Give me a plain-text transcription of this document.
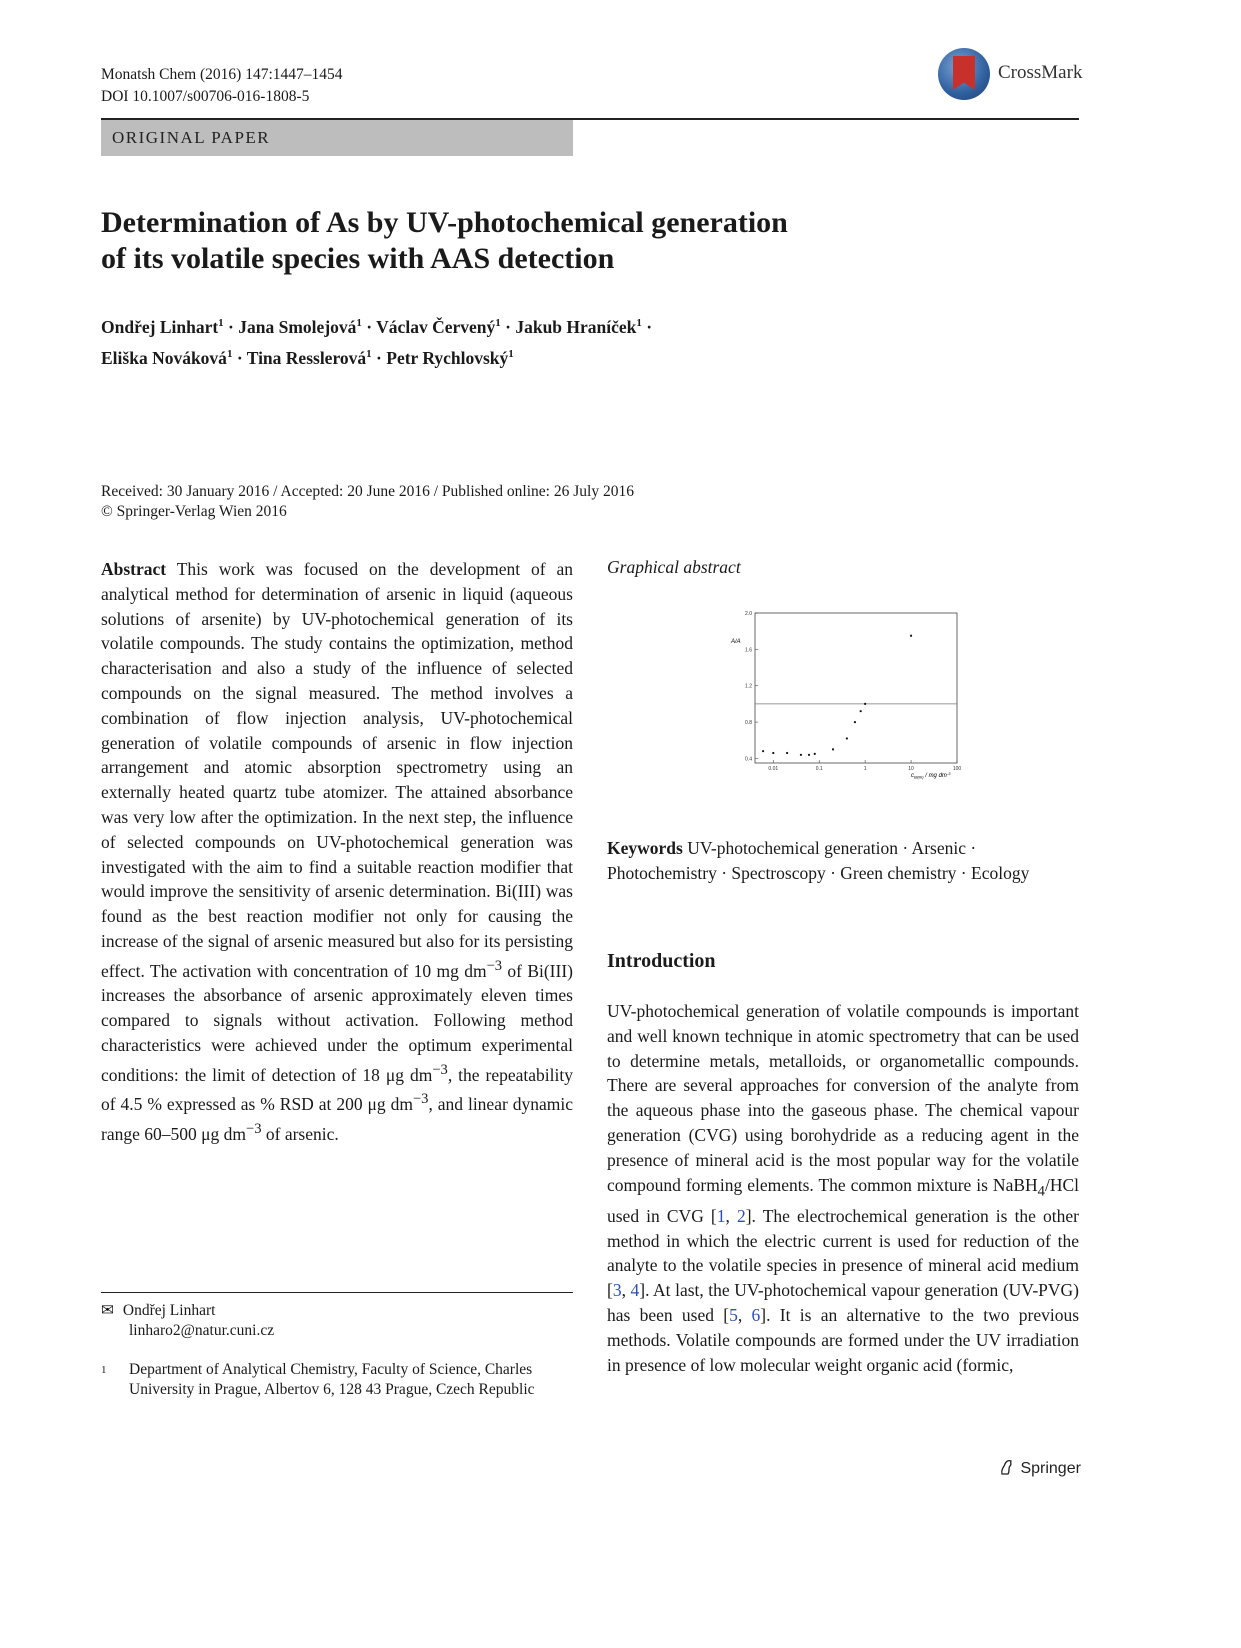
Monatsh Chem (2016) 147:1447–1454
DOI 10.1007/s00706-016-1808-5
CrossMark
ORIGINAL PAPER
Determination of As by UV-photochemical generation
of its volatile species with AAS detection
Ondřej Linhart$^1$ · Jana Smolejová$^1$ · Václav Červený$^1$ · Jakub Hraníček$^1$ ·
Eliška Nováková$^1$ · Tina Resslerová$^1$ · Petr Rychlovský$^1$
Received: 30 January 2016 / Accepted: 20 June 2016 / Published online: 26 July 2016
© Springer-Verlag Wien 2016
Abstract This work was focused on the development of an analytical method for determination of arsenic in liquid (aqueous solutions of arsenite) by UV-photochemical generation of its volatile compounds. The study contains the optimization, method characterisation and also a study of the influence of selected compounds on the signal measured. The method involves a combination of flow injection analysis, UV-photochemical generation of volatile compounds of arsenic in flow injection arrangement and atomic absorption spectrometry using an externally heated quartz tube atomizer. The attained absorbance was very low after the optimization. In the next step, the influence of selected compounds on UV-photochemical generation was investigated with the aim to find a suitable reaction modifier that would improve the sensitivity of arsenic determination. Bi(III) was found as the best reaction modifier not only for causing the increase of the signal of arsenic measured but also for its persisting effect. The activation with concentration of 10 mg $dm^{-3}$ of Bi(III) increases the absorbance of arsenic approximately eleven times compared to signals without activation. Following method characteristics were achieved under the optimum experimental conditions: the limit of detection of 18 μg $dm^{-3}$, the repeatability of 4.5 % expressed as % RSD at 200 μg $dm^{-3}$, and linear dynamic range 60–500 μg $dm^{-3}$ of arsenic.
Graphical abstract
0.4
0.8
1.2
1.6
2.0
0.01	0.1	1	10	100
A/A
$c_{Bi(III)}$ / mg $dm^{-3}$
Keywords UV-photochemical generation · Arsenic · Photochemistry · Spectroscopy · Green chemistry · Ecology
Introduction
UV-photochemical generation of volatile compounds is important and well known technique in atomic spectrometry that can be used to determine metals, metalloids, or organometallic compounds. There are several approaches for conversion of the analyte from the aqueous phase into the gaseous phase. The chemical vapour generation (CVG) using borohydride as a reducing agent in the presence of mineral acid is the most popular way for the volatile compound forming elements. The common mixture is NaBH$_4$/HCl used in CVG [1, 2]. The electrochemical generation is the other method in which the electric current is used for reduction of the analyte to the volatile species in presence of mineral acid medium [3, 4]. At last, the UV-photochemical vapour generation (UV-PVG) has been used [5, 6]. It is an alternative to the two previous methods. Volatile compounds are formed under the UV irradiation in presence of low molecular weight organic acid (formic,
✉ Ondřej Linhart
linharo2@natur.cuni.cz
1 Department of Analytical Chemistry, Faculty of Science, Charles University in Prague, Albertov 6, 128 43 Prague, Czech Republic
Springer
